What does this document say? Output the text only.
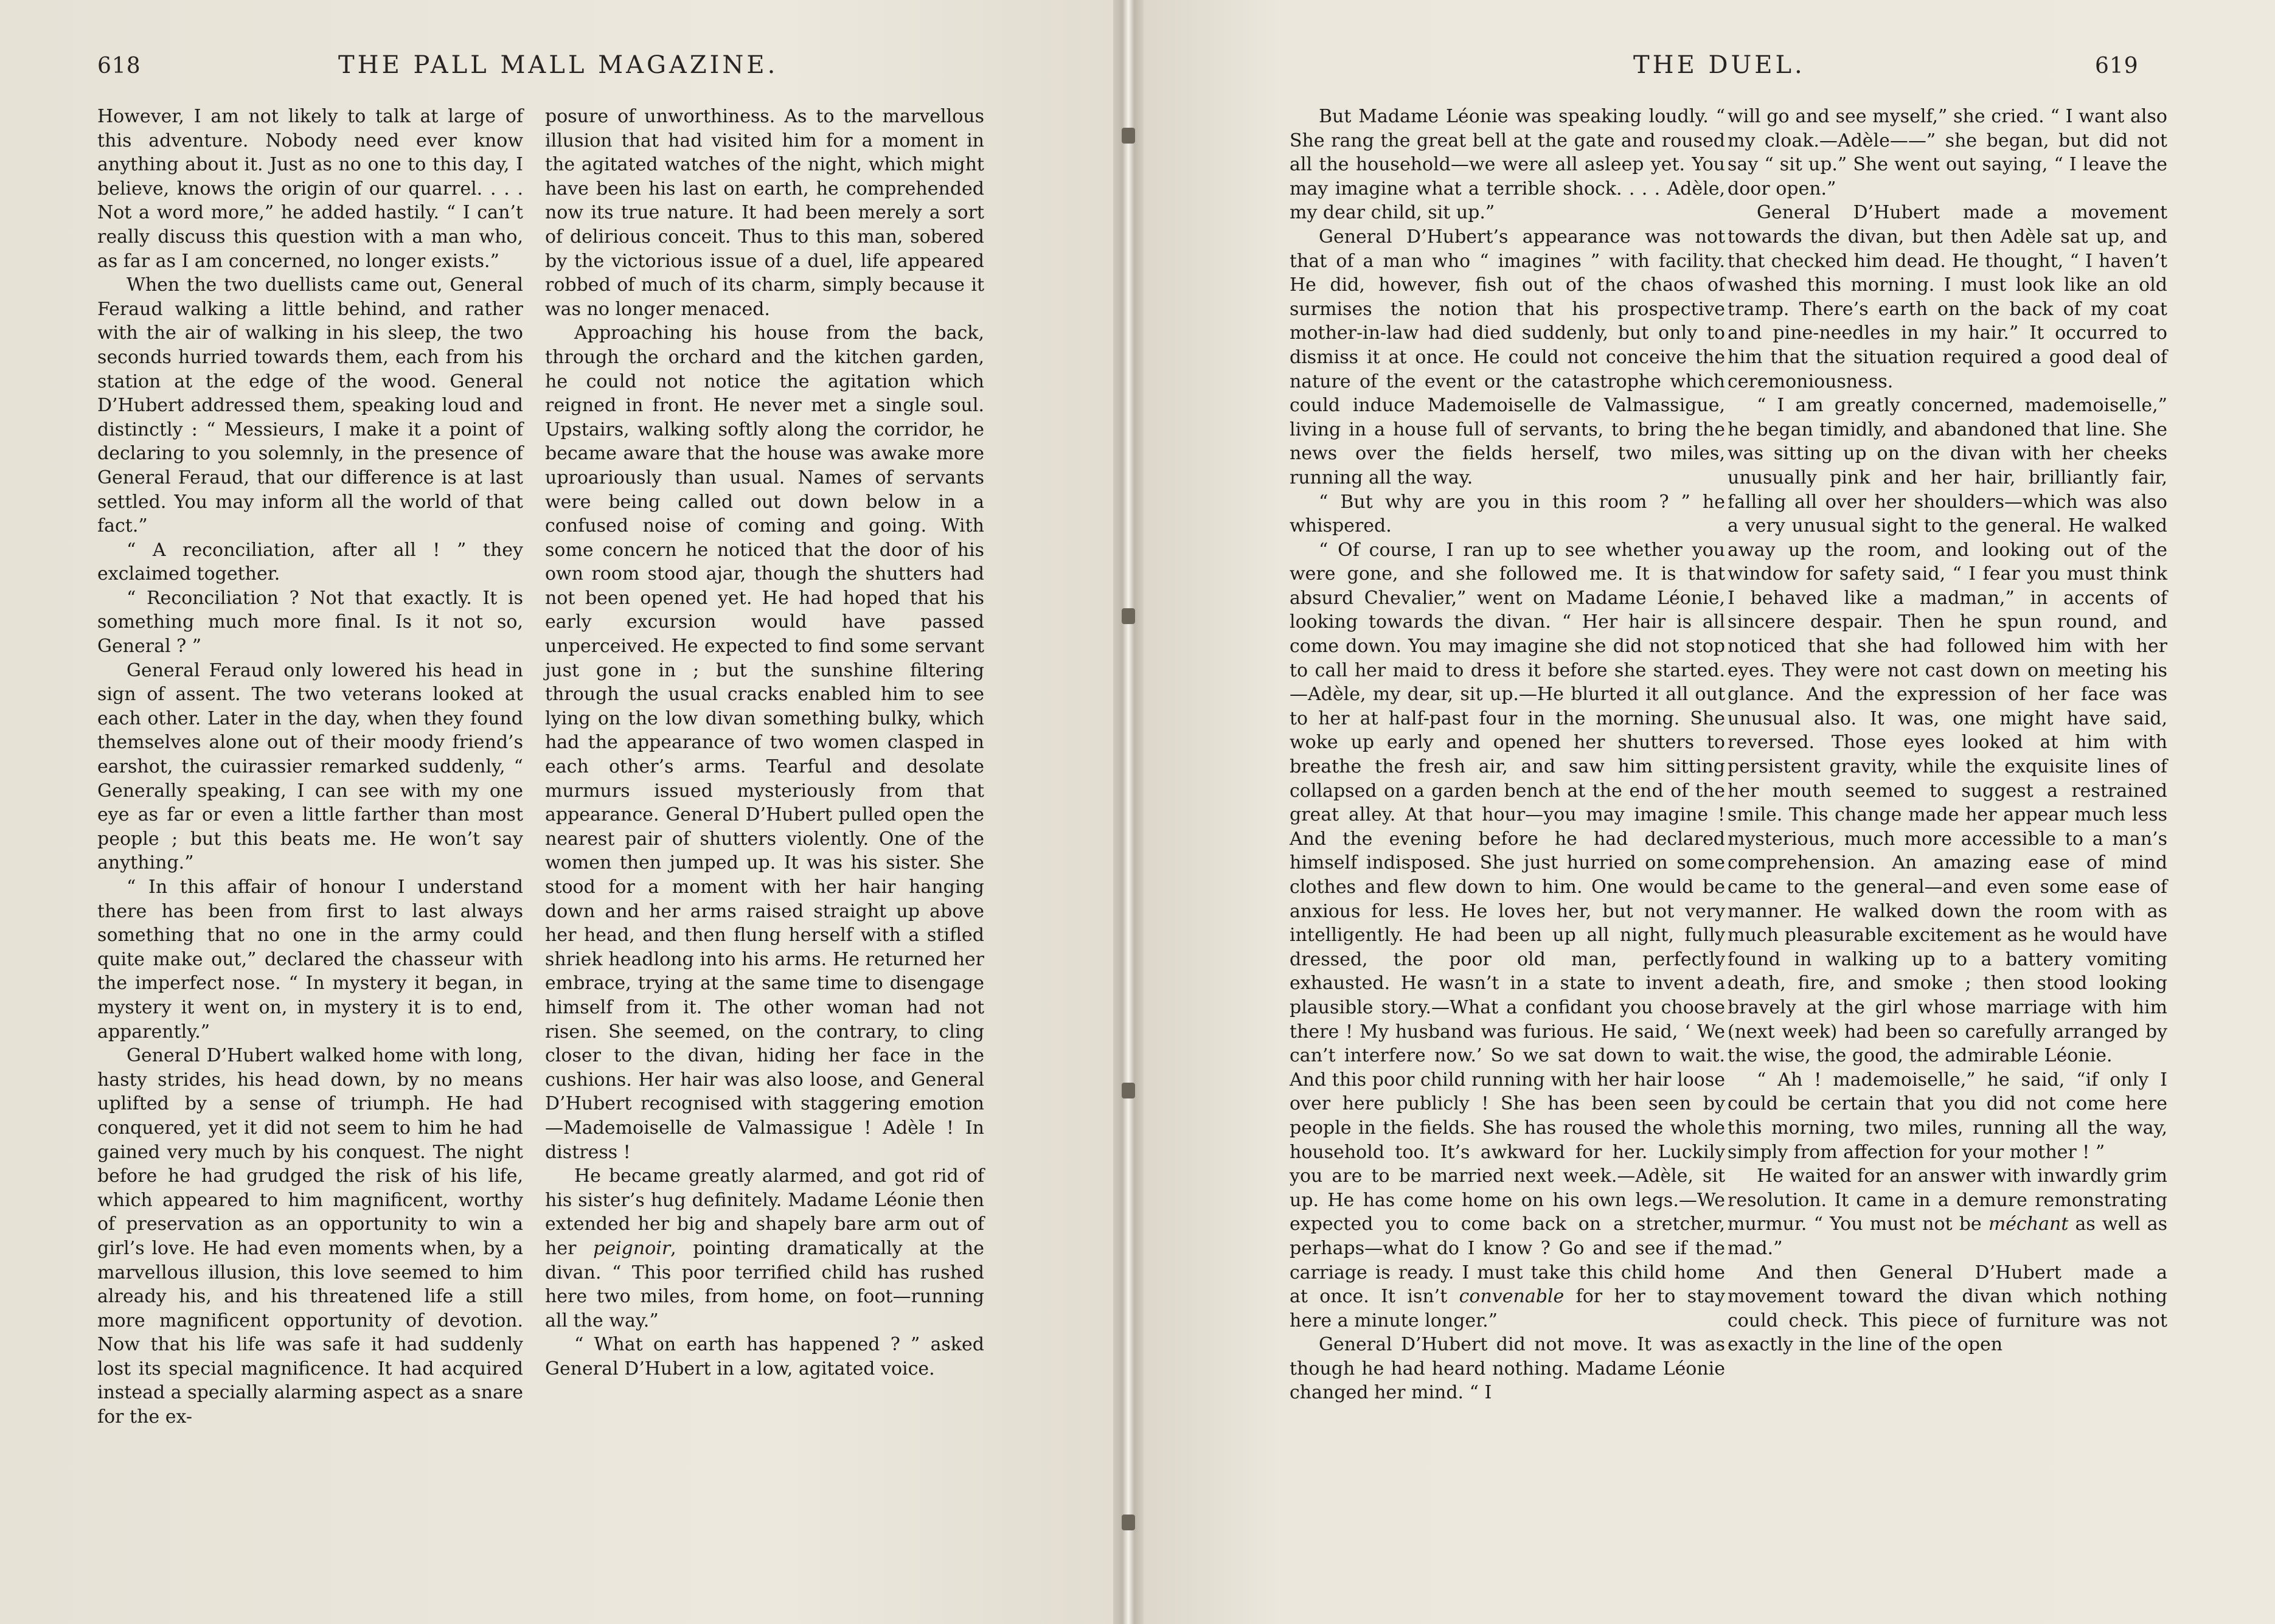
618	THE PALL MALL MAGAZINE.

However, I am not likely to talk at large of this adventure. Nobody need ever know anything about it. Just as no one to this day, I believe, knows the origin of our quarrel. . . . Not a word more,” he added hastily. “ I can’t really discuss this question with a man who, as far as I am concerned, no longer exists.”

When the two duellists came out, General Feraud walking a little behind, and rather with the air of walking in his sleep, the two seconds hurried towards them, each from his station at the edge of the wood. General D’Hubert addressed them, speaking loud and distinctly : “ Messieurs, I make it a point of declaring to you solemnly, in the presence of General Feraud, that our difference is at last settled. You may inform all the world of that fact.”

“ A reconciliation, after all ! ” they exclaimed together.

“ Reconciliation ? Not that exactly. It is something much more final. Is it not so, General ? ”

General Feraud only lowered his head in sign of assent. The two veterans looked at each other. Later in the day, when they found themselves alone out of their moody friend’s earshot, the cuirassier remarked suddenly, “ Generally speaking, I can see with my one eye as far or even a little farther than most people ; but this beats me. He won’t say anything.”

“ In this affair of honour I understand there has been from first to last always something that no one in the army could quite make out,” declared the chasseur with the imperfect nose. “ In mystery it began, in mystery it went on, in mystery it is to end, apparently.”

General D’Hubert walked home with long, hasty strides, his head down, by no means uplifted by a sense of triumph. He had conquered, yet it did not seem to him he had gained very much by his conquest. The night before he had grudged the risk of his life, which appeared to him magnificent, worthy of preservation as an opportunity to win a girl’s love. He had even moments when, by a marvellous illusion, this love seemed to him already his, and his threatened life a still more magnificent opportunity of devotion. Now that his life was safe it had suddenly lost its special magnificence. It had acquired instead a specially alarming aspect as a snare for the ex-

posure of unworthiness. As to the marvellous illusion that had visited him for a moment in the agitated watches of the night, which might have been his last on earth, he comprehended now its true nature. It had been merely a sort of delirious conceit. Thus to this man, sobered by the victorious issue of a duel, life appeared robbed of much of its charm, simply because it was no longer menaced.

Approaching his house from the back, through the orchard and the kitchen garden, he could not notice the agitation which reigned in front. He never met a single soul. Upstairs, walking softly along the corridor, he became aware that the house was awake more uproariously than usual. Names of servants were being called out down below in a confused noise of coming and going. With some concern he noticed that the door of his own room stood ajar, though the shutters had not been opened yet. He had hoped that his early excursion would have passed unperceived. He expected to find some servant just gone in ; but the sunshine filtering through the usual cracks enabled him to see lying on the low divan something bulky, which had the appearance of two women clasped in each other’s arms. Tearful and desolate murmurs issued mysteriously from that appearance. General D’Hubert pulled open the nearest pair of shutters violently. One of the women then jumped up. It was his sister. She stood for a moment with her hair hanging down and her arms raised straight up above her head, and then flung herself with a stifled shriek headlong into his arms. He returned her embrace, trying at the same time to disengage himself from it. The other woman had not risen. She seemed, on the contrary, to cling closer to the divan, hiding her face in the cushions. Her hair was also loose, and General D’Hubert recognised with staggering emotion—Mademoiselle de Valmassigue ! Adèle ! In distress !

He became greatly alarmed, and got rid of his sister’s hug definitely. Madame Léonie then extended her big and shapely bare arm out of her peignoir, pointing dramatically at the divan. “ This poor terrified child has rushed here two miles, from home, on foot—running all the way.”

“ What on earth has happened ? ” asked General D’Hubert in a low, agitated voice.

THE DUEL.	619

But Madame Léonie was speaking loudly. “ She rang the great bell at the gate and roused all the household—we were all asleep yet. You may imagine what a terrible shock. . . . Adèle, my dear child, sit up.”

General D’Hubert’s appearance was not that of a man who “ imagines ” with facility. He did, however, fish out of the chaos of surmises the notion that his prospective mother-in-law had died suddenly, but only to dismiss it at once. He could not conceive the nature of the event or the catastrophe which could induce Mademoiselle de Valmassigue, living in a house full of servants, to bring the news over the fields herself, two miles, running all the way.

“ But why are you in this room ? ” he whispered.

“ Of course, I ran up to see whether you were gone, and she followed me. It is that absurd Chevalier,” went on Madame Léonie, looking towards the divan. “ Her hair is all come down. You may imagine she did not stop to call her maid to dress it before she started.—Adèle, my dear, sit up.—He blurted it all out to her at half-past four in the morning. She woke up early and opened her shutters to breathe the fresh air, and saw him sitting collapsed on a garden bench at the end of the great alley. At that hour—you may imagine ! And the evening before he had declared himself indisposed. She just hurried on some clothes and flew down to him. One would be anxious for less. He loves her, but not very intelligently. He had been up all night, fully dressed, the poor old man, perfectly exhausted. He wasn’t in a state to invent a plausible story.—What a confidant you choose there ! My husband was furious. He said, ‘ We can’t interfere now.’ So we sat down to wait. And this poor child running with her hair loose over here publicly ! She has been seen by people in the fields. She has roused the whole household too. It’s awkward for her. Luckily you are to be married next week.—Adèle, sit up. He has come home on his own legs.—We expected you to come back on a stretcher, perhaps—what do I know ? Go and see if the carriage is ready. I must take this child home at once. It isn’t convenable for her to stay here a minute longer.”

General D’Hubert did not move. It was as though he had heard nothing. Madame Léonie changed her mind. “ I

will go and see myself,” she cried. “ I want also my cloak.—Adèle——” she began, but did not say “ sit up.” She went out saying, “ I leave the door open.”

General D’Hubert made a movement towards the divan, but then Adèle sat up, and that checked him dead. He thought, “ I haven’t washed this morning. I must look like an old tramp. There’s earth on the back of my coat and pine-needles in my hair.” It occurred to him that the situation required a good deal of ceremoniousness.

“ I am greatly concerned, mademoiselle,” he began timidly, and abandoned that line. She was sitting up on the divan with her cheeks unusually pink and her hair, brilliantly fair, falling all over her shoulders—which was also a very unusual sight to the general. He walked away up the room, and looking out of the window for safety said, “ I fear you must think I behaved like a madman,” in accents of sincere despair. Then he spun round, and noticed that she had followed him with her eyes. They were not cast down on meeting his glance. And the expression of her face was unusual also. It was, one might have said, reversed. Those eyes looked at him with persistent gravity, while the exquisite lines of her mouth seemed to suggest a restrained smile. This change made her appear much less mysterious, much more accessible to a man’s comprehension. An amazing ease of mind came to the general—and even some ease of manner. He walked down the room with as much pleasurable excitement as he would have found in walking up to a battery vomiting death, fire, and smoke ; then stood looking bravely at the girl whose marriage with him (next week) had been so carefully arranged by the wise, the good, the admirable Léonie.

“ Ah ! mademoiselle,” he said, “if only I could be certain that you did not come here this morning, two miles, running all the way, simply from affection for your mother ! ”

He waited for an answer with inwardly grim resolution. It came in a demure remonstrating murmur. “ You must not be méchant as well as mad.”

And then General D’Hubert made a movement toward the divan which nothing could check. This piece of furniture was not exactly in the line of the open
